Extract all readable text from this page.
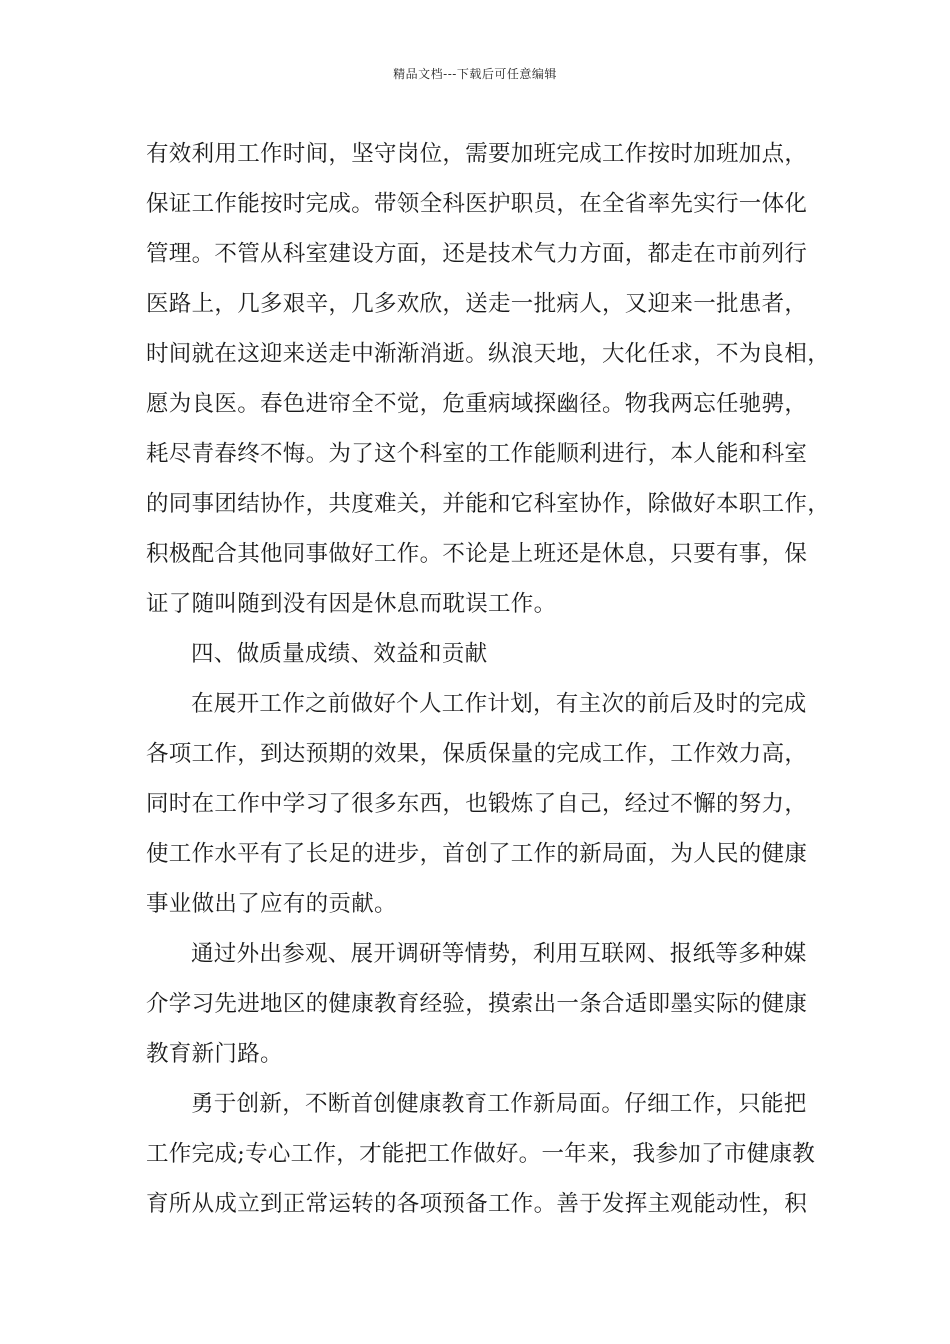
精品文档---下载后可任意编辑
有效利用工作时间，坚守岗位，需要加班完成工作按时加班加点，
保证工作能按时完成。带领全科医护职员，在全省率先实行一体化
管理。不管从科室建设方面，还是技术气力方面，都走在市前列行
医路上，几多艰辛，几多欢欣，送走一批病人，又迎来一批患者，
时间就在这迎来送走中渐渐消逝。纵浪天地，大化任求，不为良相，
愿为良医。春色进帘全不觉，危重病域探幽径。物我两忘任驰骋，
耗尽青春终不悔。为了这个科室的工作能顺利进行，本人能和科室
的同事团结协作，共度难关，并能和它科室协作，除做好本职工作，
积极配合其他同事做好工作。不论是上班还是休息，只要有事，保
证了随叫随到没有因是休息而耽误工作。
四、做质量成绩、效益和贡献
在展开工作之前做好个人工作计划，有主次的前后及时的完成
各项工作，到达预期的效果，保质保量的完成工作，工作效力高，
同时在工作中学习了很多东西，也锻炼了自己，经过不懈的努力，
使工作水平有了长足的进步，首创了工作的新局面，为人民的健康
事业做出了应有的贡献。
通过外出参观、展开调研等情势，利用互联网、报纸等多种媒
介学习先进地区的健康教育经验，摸索出一条合适即墨实际的健康
教育新门路。
勇于创新，不断首创健康教育工作新局面。仔细工作，只能把
工作完成;专心工作，才能把工作做好。一年来，我参加了市健康教
育所从成立到正常运转的各项预备工作。善于发挥主观能动性，积
